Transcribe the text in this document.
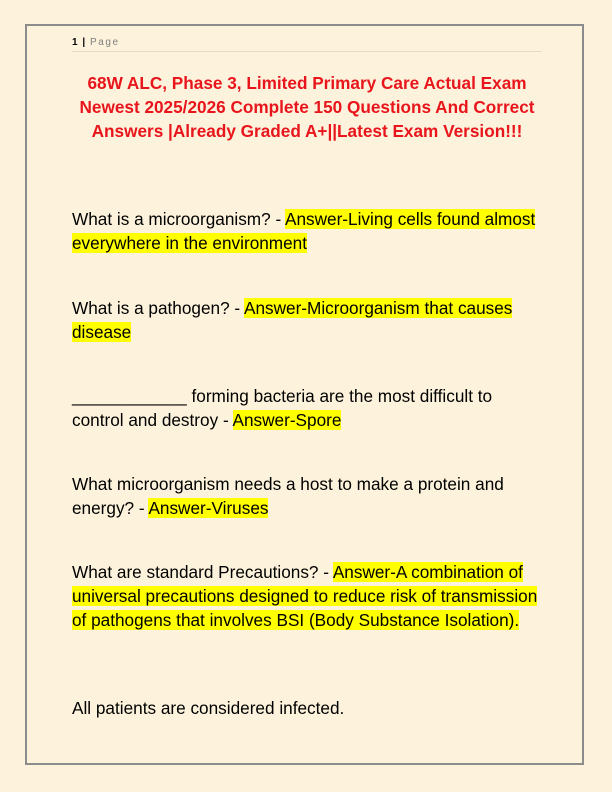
1 | Page
68W ALC, Phase 3, Limited Primary Care Actual Exam Newest 2025/2026 Complete 150 Questions And Correct Answers |Already Graded A+||Latest Exam Version!!!
What is a microorganism? - Answer-Living cells found almost everywhere in the environment
What is a pathogen? - Answer-Microorganism that causes disease
____________ forming bacteria are the most difficult to control and destroy - Answer-Spore
What microorganism needs a host to make a protein and energy? - Answer-Viruses
What are standard Precautions? - Answer-A combination of universal precautions designed to reduce risk of transmission of pathogens that involves BSI (Body Substance Isolation).
All patients are considered infected.
